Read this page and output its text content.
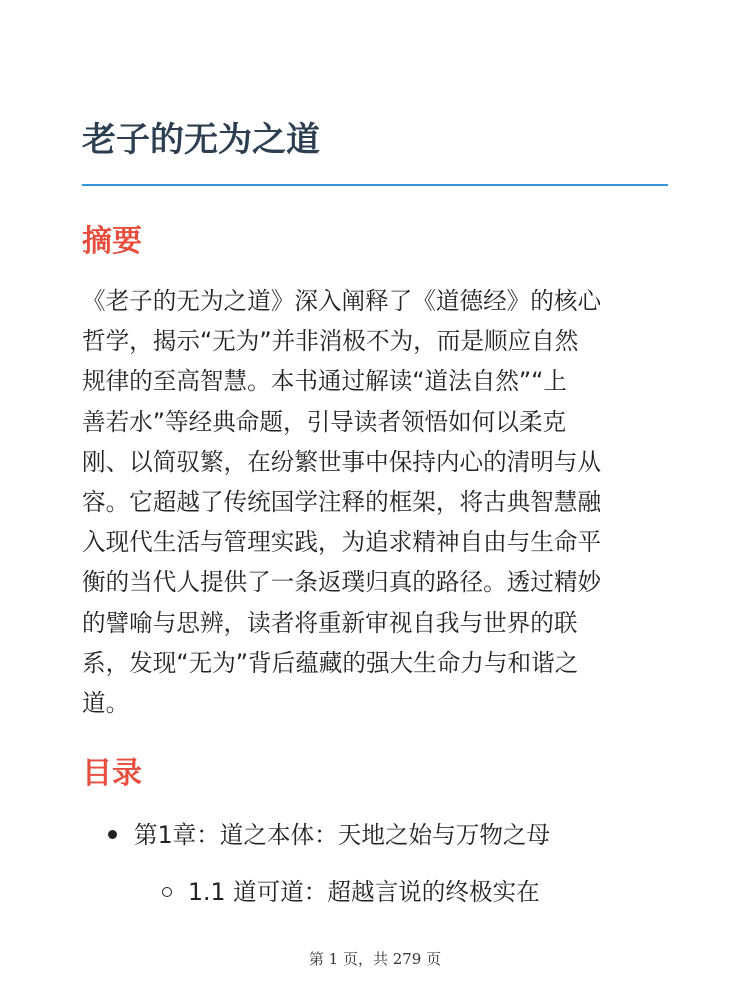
老子的无为之道
摘要

《老子的无为之道》深入阐释了《道德经》的核心
哲学，揭示“无为”并非消极不为，而是顺应自然
规律的至高智慧。本书通过解读“道法自然”“上
善若水”等经典命题，引导读者领悟如何以柔克
刚、以简驭繁，在纷繁世事中保持内心的清明与从
容。它超越了传统国学注释的框架，将古典智慧融
入现代生活与管理实践，为追求精神自由与生命平
衡的当代人提供了一条返璞归真的路径。透过精妙
的譬喻与思辨，读者将重新审视自我与世界的联
系，发现“无为”背后蕴藏的强大生命力与和谐之
道。

目录
第1章：道之本体：天地之始与万物之母
1.1 道可道：超越言说的终极实在
第 1 页，共 279 页
